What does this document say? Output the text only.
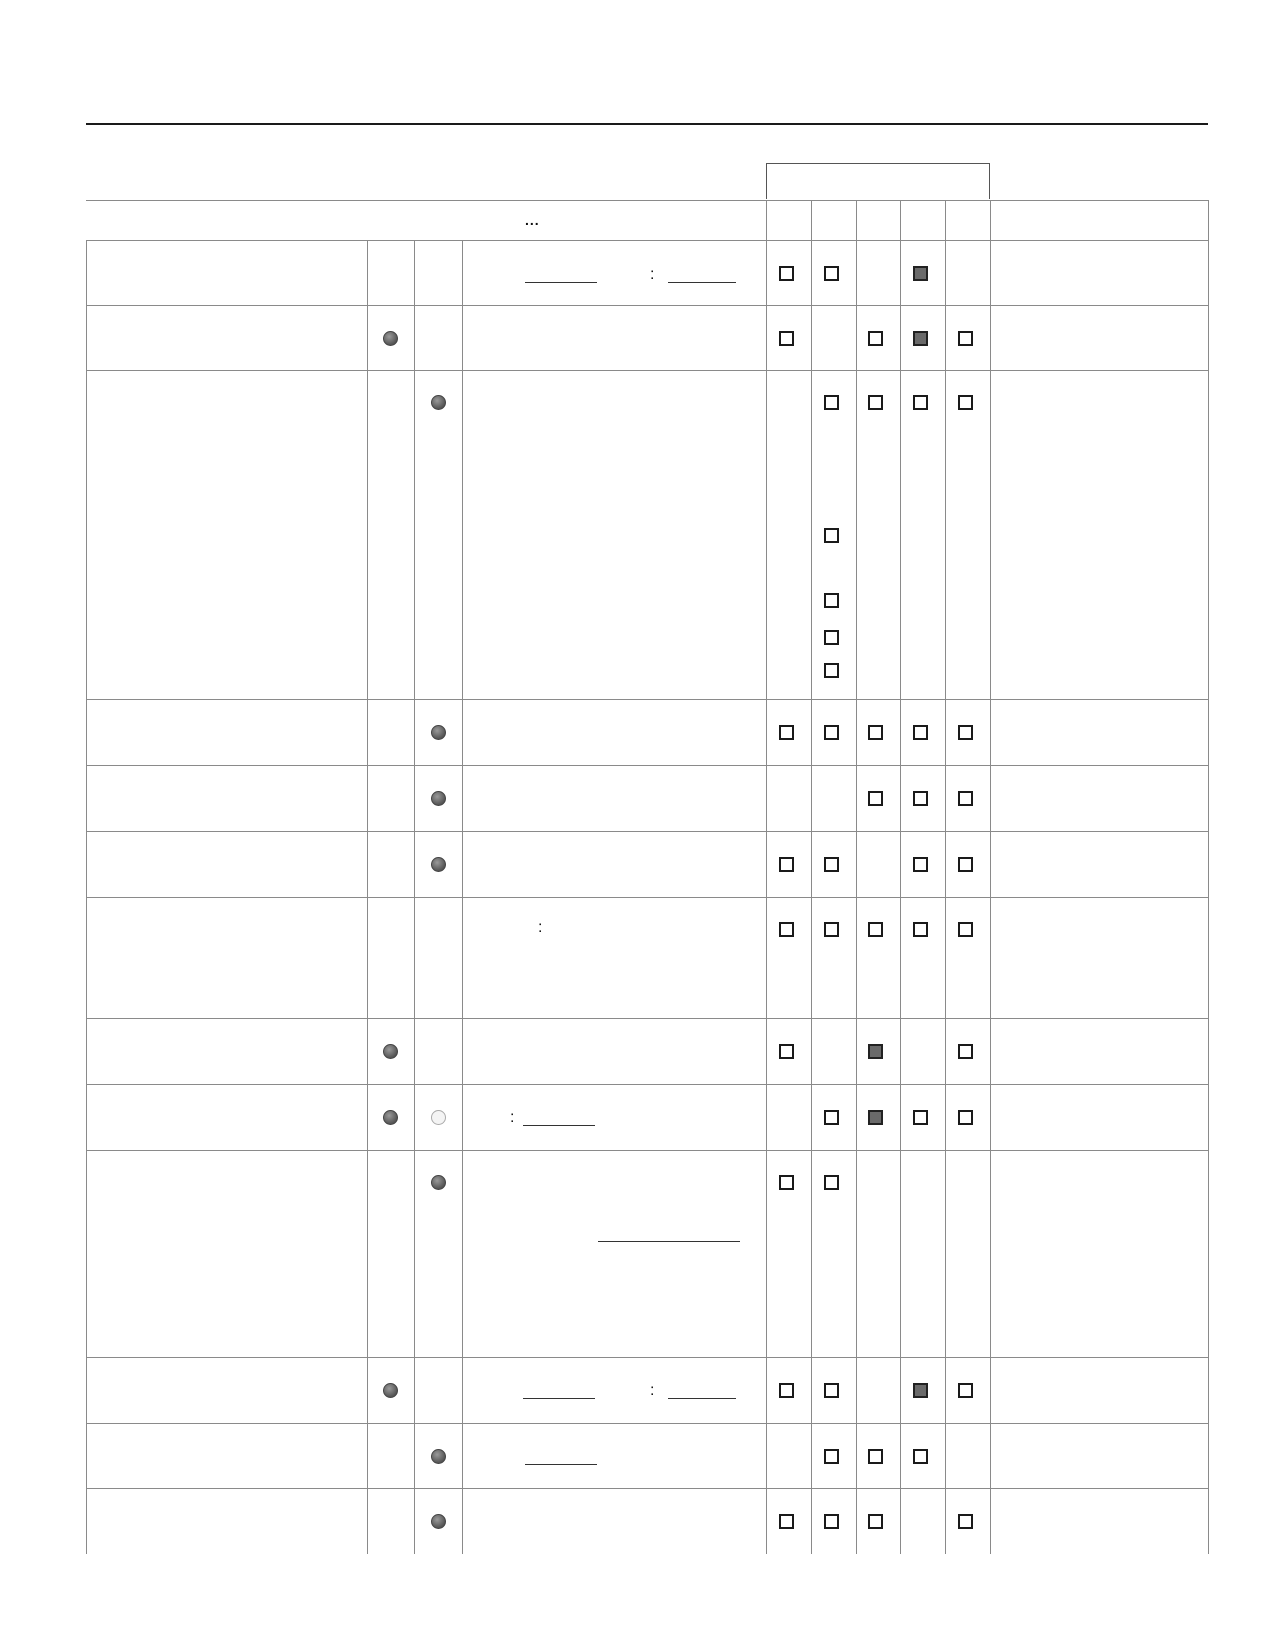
...
:
:
:
:
